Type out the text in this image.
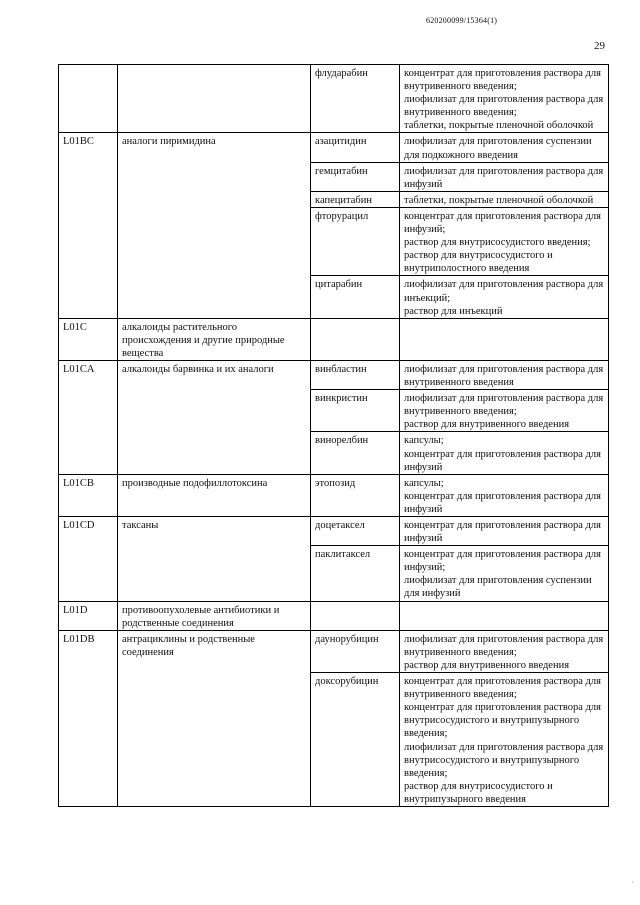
620200099/15364(1)
29
		флударабин	концентрат для приготовления раствора для внутривенного введения;
лиофилизат для приготовления раствора для внутривенного введения;
таблетки, покрытые пленочной оболочкой

L01BC	аналоги пиримидина	азацитидин	лиофилизат для приготовления суспензии для подкожного введения

		гемцитабин	лиофилизат для приготовления раствора для инфузий

		капецитабин	таблетки, покрытые пленочной оболочкой

		фторурацил	концентрат для приготовления раствора для инфузий;
раствор для внутрисосудистого введения;
раствор для внутрисосудистого и внутриполостного введения

		цитарабин	лиофилизат для приготовления раствора для инъекций;
раствор для инъекций

L01C	алкалоиды растительного происхождения и другие природные вещества		
L01CA	алкалоиды барвинка и их аналоги	винбластин	лиофилизат для приготовления раствора для внутривенного введения

		винкристин	лиофилизат для приготовления раствора для внутривенного введения;
раствор для внутривенного введения

		винорелбин	капсулы;
концентрат для приготовления раствора для инфузий

L01CB	производные подофиллотоксина	этопозид	капсулы;
концентрат для приготовления раствора для инфузий

L01CD	таксаны	доцетаксел	концентрат для приготовления раствора для инфузий

		паклитаксел	концентрат для приготовления раствора для инфузий;
лиофилизат для приготовления суспензии для инфузий

L01D	противоопухолевые антибиотики и родственные соединения		
L01DB	антрациклины и родственные соединения	даунорубицин	лиофилизат для приготовления раствора для внутривенного введения;
раствор для внутривенного введения

		доксорубицин	концентрат для приготовления раствора для внутривенного введения;
концентрат для приготовления раствора для внутрисосудистого и внутрипузырного введения;
лиофилизат для приготовления раствора для внутрисосудистого и внутрипузырного введения;
раствор для внутрисосудистого и внутрипузырного введения
·
